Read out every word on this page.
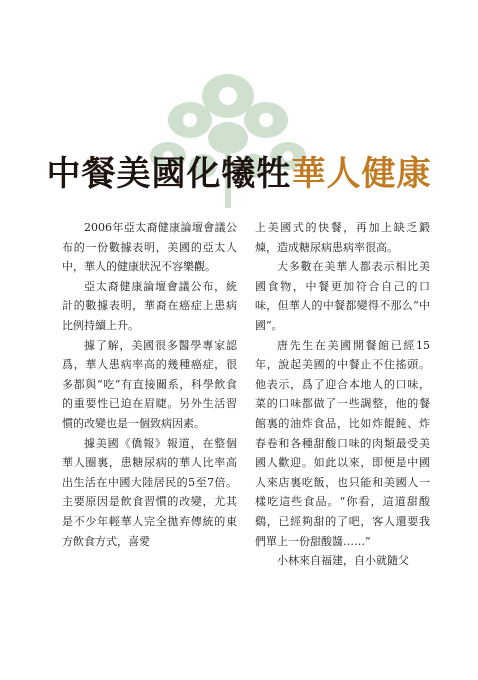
中餐美國化犧牲華人健康

2006年亞太裔健康論壇會議公布的一份數據表明，美國的亞太人中，華人的健康狀況不容樂觀。

亞太裔健康論壇會議公布，統計的數據表明，華裔在癌症上患病比例持續上升。

據了解，美國很多醫學專家認爲，華人患病率高的幾種癌症，很多都與“吃”有直接關系，科學飲食的重要性已迫在眉睫。另外生活習慣的改變也是一個致病因素。

據美國《僑報》報道，在整個華人圈裏，患糖尿病的華人比率高出生活在中國大陸居民的5至7倍。主要原因是飲食習慣的改變，尤其是不少年輕華人完全拋弃傳統的東方飲食方式，喜愛

上美國式的快餐，再加上缺乏鍛煉，造成糖尿病患病率很高。

大多數在美華人都表示相比美國食物，中餐更加符合自己的口味，但華人的中餐都變得不那么“中國”。

唐先生在美國開餐館已經15年，說起美國的中餐止不住搖頭。他表示，爲了迎合本地人的口味，菜的口味都做了一些調整，他的餐館裏的油炸食品，比如炸餛飩、炸春卷和各種甜酸口味的肉類最受美國人歡迎。如此以來，即便是中國人來店裏吃飯，也只能和美國人一樣吃這些食品。“你看，這道甜酸鷄，已經夠甜的了吧，客人還要我們單上一份甜酸醬……”

小林來自福建，自小就隨父
